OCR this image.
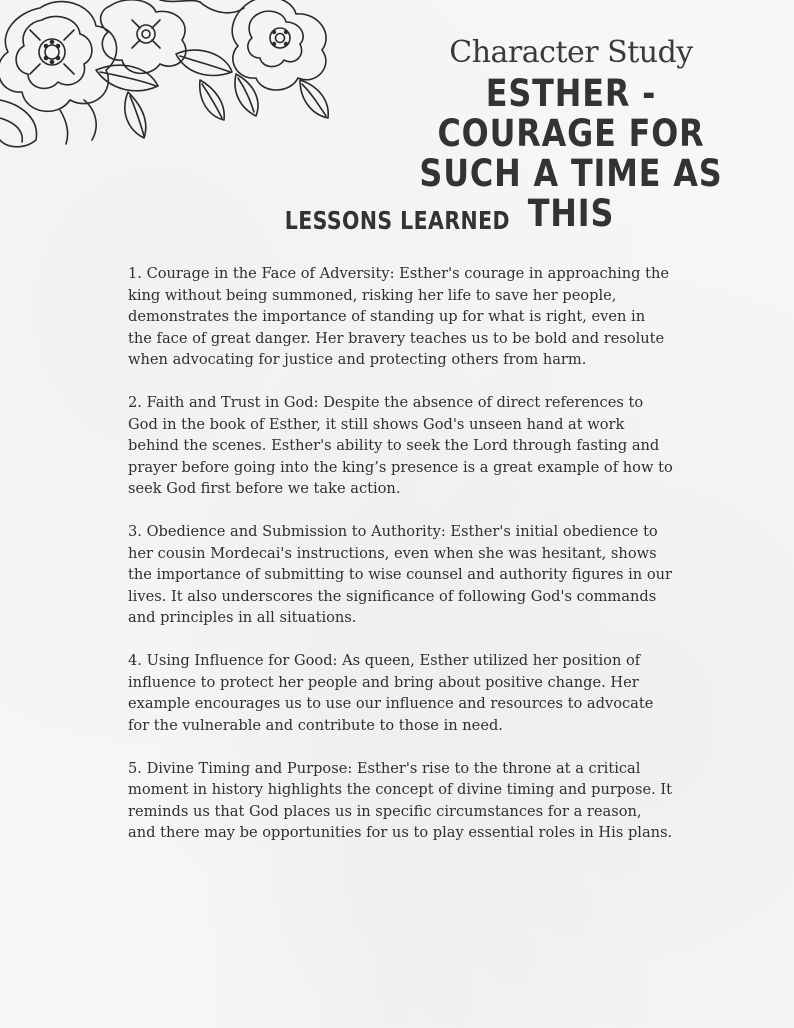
Character Study
ESTHER - COURAGE FOR
SUCH A TIME AS THIS
LESSONS LEARNED

1. Courage in the Face of Adversity: Esther's courage in approaching the king without being summoned, risking her life to save her people, demonstrates the importance of standing up for what is right, even in the face of great danger. Her bravery teaches us to be bold and resolute when advocating for justice and protecting others from harm.

2. Faith and Trust in God: Despite the absence of direct references to God in the book of Esther, it still shows God's unseen hand at work behind the scenes. Esther's ability to seek the Lord through fasting and prayer before going into the king’s presence is a great example of how to seek God first before we take action.

3. Obedience and Submission to Authority: Esther's initial obedience to her cousin Mordecai's instructions, even when she was hesitant, shows the importance of submitting to wise counsel and authority figures in our lives. It also underscores the significance of following God's commands and principles in all situations.

4. Using Influence for Good: As queen, Esther utilized her position of influence to protect her people and bring about positive change. Her example encourages us to use our influence and resources to advocate for the vulnerable and contribute to those in need.

5. Divine Timing and Purpose: Esther's rise to the throne at a critical moment in history highlights the concept of divine timing and purpose. It reminds us that God places us in specific circumstances for a reason, and there may be opportunities for us to play essential roles in His plans.
